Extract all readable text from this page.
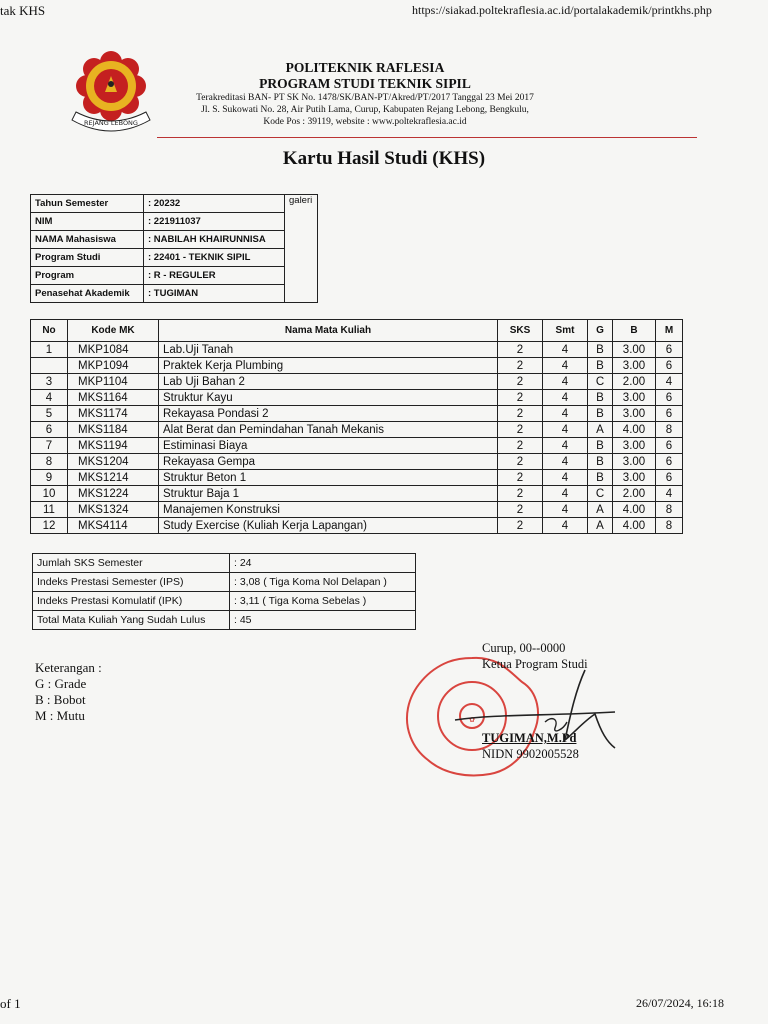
tak KHS	https://siakad.poltekraflesia.ac.id/portalakademik/printkhs.php
REJANG LEBONG
POLITEKNIK RAFLESIA
PROGRAM STUDI TEKNIK SIPIL
Terakreditasi BAN- PT SK No. 1478/SK/BAN-PT/Akred/PT/2017 Tanggal 23 Mei 2017
Jl. S. Sukowati No. 28, Air Putih Lama, Curup, Kabupaten Rejang Lebong, Bengkulu,
Kode Pos : 39119, website : www.poltekraflesia.ac.id
Kartu Hasil Studi (KHS)
Tahun Semester	: 20232	galeri
NIM	: 221911037	
NAMA Mahasiswa	: NABILAH KHAIRUNNISA	
Program Studi	: 22401 - TEKNIK SIPIL	
Program	: R - REGULER	
Penasehat Akademik	: TUGIMAN	
No	Kode MK	Nama Mata Kuliah	SKS	Smt	G	B	M
1	MKP1084	Lab.Uji Tanah	2	4	B	3.00	6
	MKP1094	Praktek Kerja Plumbing	2	4	B	3.00	6
3	MKP1104	Lab Uji Bahan 2	2	4	C	2.00	4
4	MKS1164	Struktur Kayu	2	4	B	3.00	6
5	MKS1174	Rekayasa Pondasi 2	2	4	B	3.00	6
6	MKS1184	Alat Berat dan Pemindahan Tanah Mekanis	2	4	A	4.00	8
7	MKS1194	Estiminasi Biaya	2	4	B	3.00	6
8	MKS1204	Rekayasa Gempa	2	4	B	3.00	6
9	MKS1214	Struktur Beton 1	2	4	B	3.00	6
10	MKS1224	Struktur Baja 1	2	4	C	2.00	4
11	MKS1324	Manajemen Konstruksi	2	4	A	4.00	8
12	MKS4114	Study Exercise (Kuliah Kerja Lapangan)	2	4	A	4.00	8
Jumlah SKS Semester	: 24
Indeks Prestasi Semester (IPS)	: 3,08 ( Tiga Koma Nol Delapan )
Indeks Prestasi Komulatif (IPK)	: 3,11 ( Tiga Koma Sebelas )
Total Mata Kuliah Yang Sudah Lulus	: 45
Keterangan :
G : Grade
B : Bobot
M : Mutu	✿
Curup, 00--0000
Ketua Program Studi
TUGIMAN,M.Pd
NIDN 9902005528
of 1	26/07/2024, 16:18
